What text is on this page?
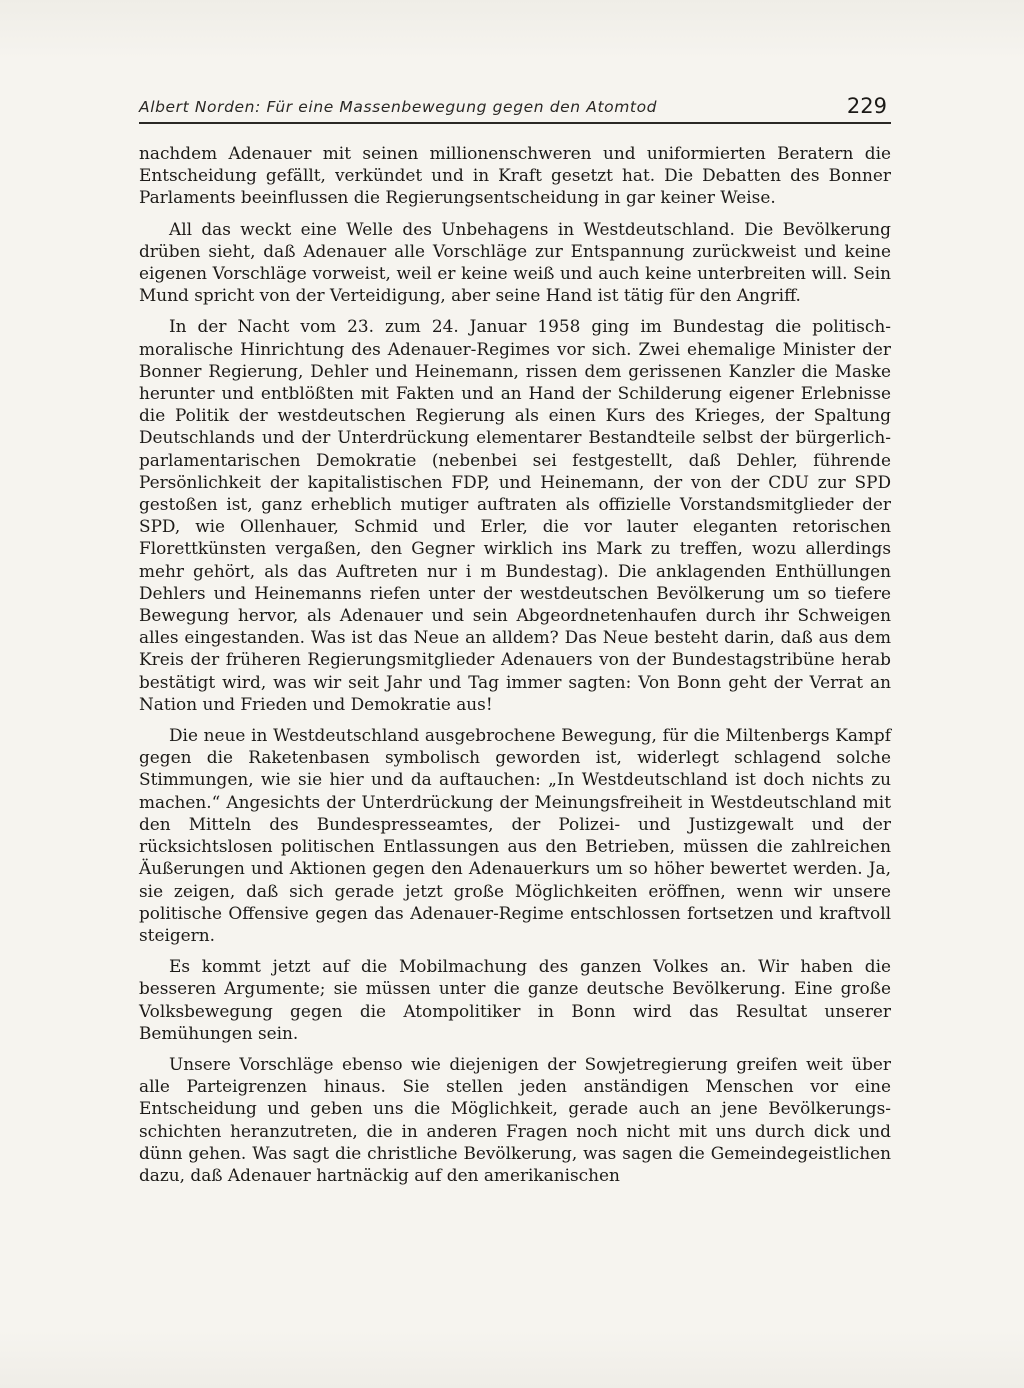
Albert Norden: Für eine Massenbewegung gegen den Atomtod	229

nachdem Adenauer mit seinen millionenschweren und uniformierten Beratern die Entscheidung gefällt, verkündet und in Kraft gesetzt hat. Die Debatten des Bonner Parlaments beeinflussen die Regierungsentscheidung in gar keiner Weise.

All das weckt eine Welle des Unbehagens in Westdeutschland. Die Bevölkerung drüben sieht, daß Adenauer alle Vorschläge zur Entspannung zurückweist und keine eigenen Vorschläge vorweist, weil er keine weiß und auch keine unterbreiten will. Sein Mund spricht von der Verteidigung, aber seine Hand ist tätig für den Angriff.

In der Nacht vom 23. zum 24. Januar 1958 ging im Bundestag die politischmoralische Hinrichtung des Adenauer-Regimes vor sich. Zwei ehemalige Minister der Bonner Regierung, Dehler und Heinemann, rissen dem gerissenen Kanzler die Maske herunter und entblößten mit Fakten und an Hand der Schilderung eigener Erlebnisse die Politik der westdeutschen Regierung als einen Kurs des Krieges, der Spaltung Deutschlands und der Unterdrückung elementarer Bestandteile selbst der bürgerlich-parlamentarischen Demokratie (nebenbei sei festgestellt, daß Dehler, führende Persönlichkeit der kapitalistischen FDP, und Heinemann, der von der CDU zur SPD gestoßen ist, ganz erheblich mutiger auftraten als offizielle Vorstandsmitglieder der SPD, wie Ollenhauer, Schmid und Erler, die vor lauter eleganten retorischen Florettkünsten vergaßen, den Gegner wirklich ins Mark zu treffen, wozu allerdings mehr gehört, als das Auftreten nur i m Bundestag). Die anklagenden Enthüllungen Dehlers und Heinemanns riefen unter der westdeutschen Bevölkerung um so tiefere Bewegung hervor, als Adenauer und sein Abgeordnetenhaufen durch ihr Schweigen alles eingestanden. Was ist das Neue an alldem? Das Neue besteht darin, daß aus dem Kreis der früheren Regierungsmitglieder Adenauers von der Bundestagstribüne herab bestätigt wird, was wir seit Jahr und Tag immer sagten: Von Bonn geht der Verrat an Nation und Frieden und Demokratie aus!

Die neue in Westdeutschland ausgebrochene Bewegung, für die Miltenbergs Kampf gegen die Raketenbasen symbolisch geworden ist, widerlegt schlagend solche Stimmungen, wie sie hier und da auftauchen: „In Westdeutschland ist doch nichts zu machen.“ Angesichts der Unterdrückung der Meinungsfreiheit in Westdeutschland mit den Mitteln des Bundespresseamtes, der Polizei- und Justizgewalt und der rücksichtslosen politischen Entlassungen aus den Betrieben, müssen die zahlreichen Äußerungen und Aktionen gegen den Adenauerkurs um so höher bewertet werden. Ja, sie zeigen, daß sich gerade jetzt große Möglichkeiten eröffnen, wenn wir unsere politische Offensive gegen das Adenauer-Regime entschlossen fortsetzen und kraftvoll steigern.

Es kommt jetzt auf die Mobilmachung des ganzen Volkes an. Wir haben die besseren Argumente; sie müssen unter die ganze deutsche Bevölkerung. Eine große Volksbewegung gegen die Atompolitiker in Bonn wird das Resultat unserer Bemühungen sein.

Unsere Vorschläge ebenso wie diejenigen der Sowjetregierung greifen weit über alle Parteigrenzen hinaus. Sie stellen jeden anständigen Menschen vor eine Entscheidung und geben uns die Möglichkeit, gerade auch an jene Bevölkerungsschichten heranzutreten, die in anderen Fragen noch nicht mit uns durch dick und dünn gehen. Was sagt die christliche Bevölkerung, was sagen die Gemeindegeistlichen dazu, daß Adenauer hartnäckig auf den amerikanischen
